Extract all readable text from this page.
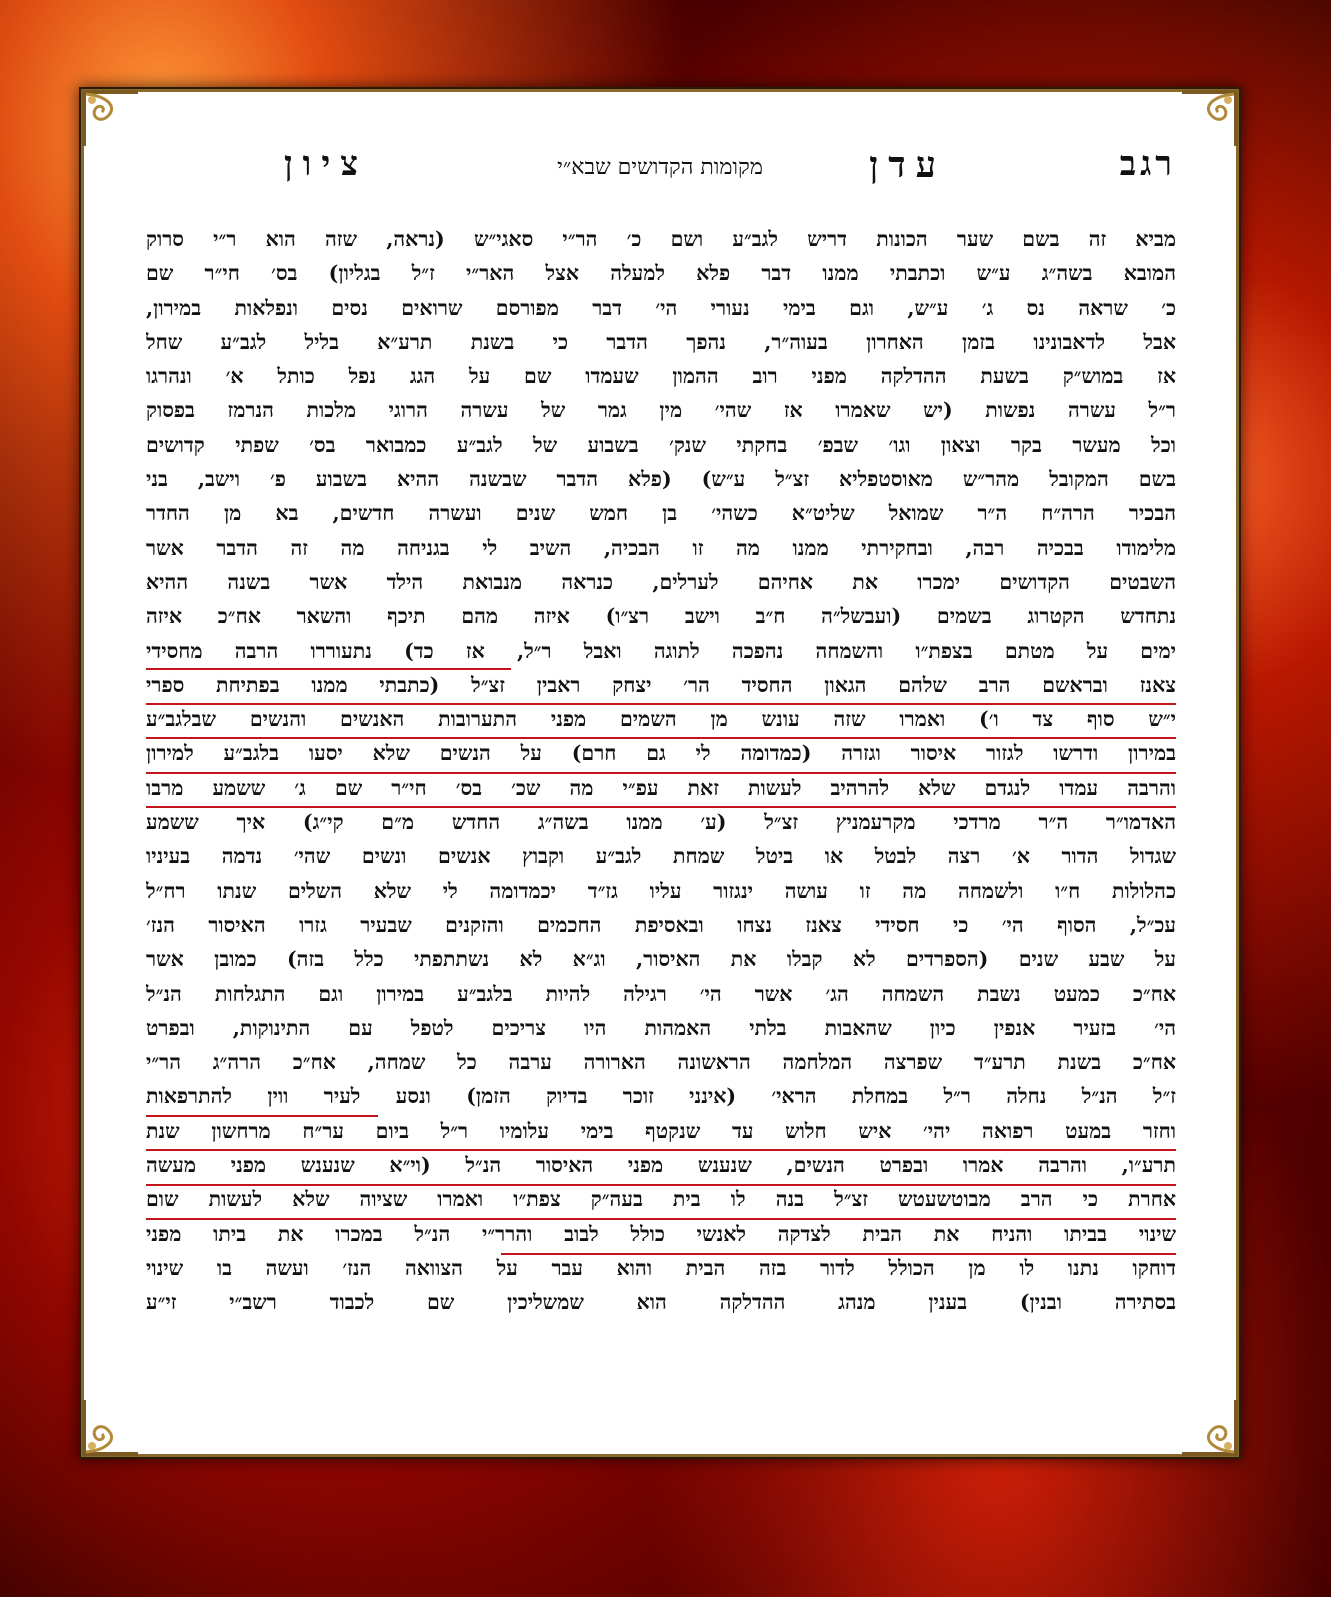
רגב
עדן
מקומות הקדושים שבא״י
ציון
מביא זה בשם שער הכונות דריש לגב״ע ושם כ׳ הר״י סאגי״ש (נראה, שזה הוא ר״י סרוק
המובא בשה״ג ע״ש וכתבתי ממנו דבר פלא למעלה אצל האר״י ז״ל בגליון) בס׳ חי״ר שם
כ׳ שראה נס ג׳ ע״ש, וגם בימי נעורי הי׳ דבר מפורסם שרואים נסים ונפלאות במירון,
אבל לדאבונינו בזמן האחרון בעוה״ר, נהפך הדבר כי בשנת תרע״א בליל לגב״ע שחל
אז במוש״ק בשעת ההדלקה מפני רוב ההמון שעמדו שם על הגג נפל כותל א׳ ונהרגו
ר״ל עשרה נפשות (יש שאמרו אז שהי׳ מין גמר של עשרה הרוגי מלכות הנרמז בפסוק
וכל מעשר בקר וצאון וגו׳ שבפ׳ בחקתי שנק׳ בשבוע של לגב״ע כמבואר בס׳ שפתי קדושים
בשם המקובל מהר״ש מאוסטפליא זצ״ל ע״ש) (פלא הדבר שבשנה ההיא בשבוע פ׳ וישב, בני
הבכיר הרה״ח ה״ר שמואל שליט״א כשהי׳ בן חמש שנים ועשרה חדשים, בא מן החדר
מלימודו בבכיה רבה, ובחקירתי ממנו מה זו הבכיה, השיב לי בגניחה מה זה הדבר אשר
השבטים הקדושים ימכרו את אחיהם לערלים, כנראה מנבואת הילד אשר בשנה ההיא
נתחדש הקטרוג בשמים (ועבשל״ה ח״ב וישב רצ״ו) איזה מהם תיכף והשאר אח״כ איזה
ימים על מטתם בצפת״ו והשמחה נהפכה לתוגה ואבל ר״ל, אז כד) נתעוררו הרבה מחסידי
צאנז ובראשם הרב שלהם הגאון החסיד הר׳ יצחק ראבין זצ״ל (כתבתי ממנו בפתיחת ספרי
י״ש סוף צד ו׳) ואמרו שזה עונש מן השמים מפני התערובות האנשים והנשים שבלגב״ע
במירון ודרשו לגזור איסור וגזרה (כמדומה לי גם חרם) על הנשים שלא יסעו בלגב״ע למירון
והרבה עמדו לנגדם שלא להרהיב לעשות זאת עפ״י מה שכ׳ בס׳ חי״ר שם ג׳ ששמע מרבו
האדמו״ר ה״ר מרדכי מקרעמניץ זצ״ל (ע׳ ממנו בשה״ג החדש מ״ם קי״ג) איך ששמע
שגדול הדור א׳ רצה לבטל או ביטל שמחת לגב״ע וקבוץ אנשים ונשים שהי׳ נדמה בעיניו
כהלולות ח״ו ולשמחה מה זו עושה ינגזור עליו גז״ד יכמדומה לי שלא השלים שנתו רח״ל
עכ״ל, הסוף הי׳ כי חסידי צאנז נצחו ובאסיפת החכמים והזקנים שבעיר גזרו האיסור הנז׳
על שבע שנים (הספרדים לא קבלו את האיסור, וג״א לא נשתתפתי כלל בזה) כמובן אשר
אח״כ כמעט נשבת השמחה הג׳ אשר הי׳ רגילה להיות בלגב״ע במירון וגם התגלחות הנ״ל
הי׳ בזעיר אנפין כיון שהאבות בלתי האמהות היו צריכים לטפל עם התינוקות, ובפרט
אח״כ בשנת תרע״ד שפרצה המלחמה הראשונה הארורה ערבה כל שמחה, אח״כ הרה״ג הר״י
ז״ל הנ״ל נחלה ר״ל במחלת הראי׳ (אינני זוכר בדיוק הזמן) ונסע לעיר ווין להתרפאות
וחזר במעט רפואה יהי׳ איש חלוש עד שנקטף בימי עלומיו ר״ל ביום ער״ח מרחשון שנת
תרע״ו, והרבה אמרו ובפרט הנשים, שנענש מפני האיסור הנ״ל (וי״א שנענש מפני מעשה
אחרת כי הרב מבוטשעטש זצ״ל בנה לו בית בעה״ק צפת״ו ואמרו שציוה שלא לעשות שום
שינוי בביתו והניח את הבית לצדקה לאנשי כולל לבוב והרר״י הנ״ל במכרו את ביתו מפני
דוחקו נתנו לו מן הכולל לדור בזה הבית והוא עבר על הצוואה הנז׳ ועשה בו שינוי
בסתירה ובנין) בענין מנהג ההדלקה הוא שמשליכין שם לכבוד רשב״י זי״ע
